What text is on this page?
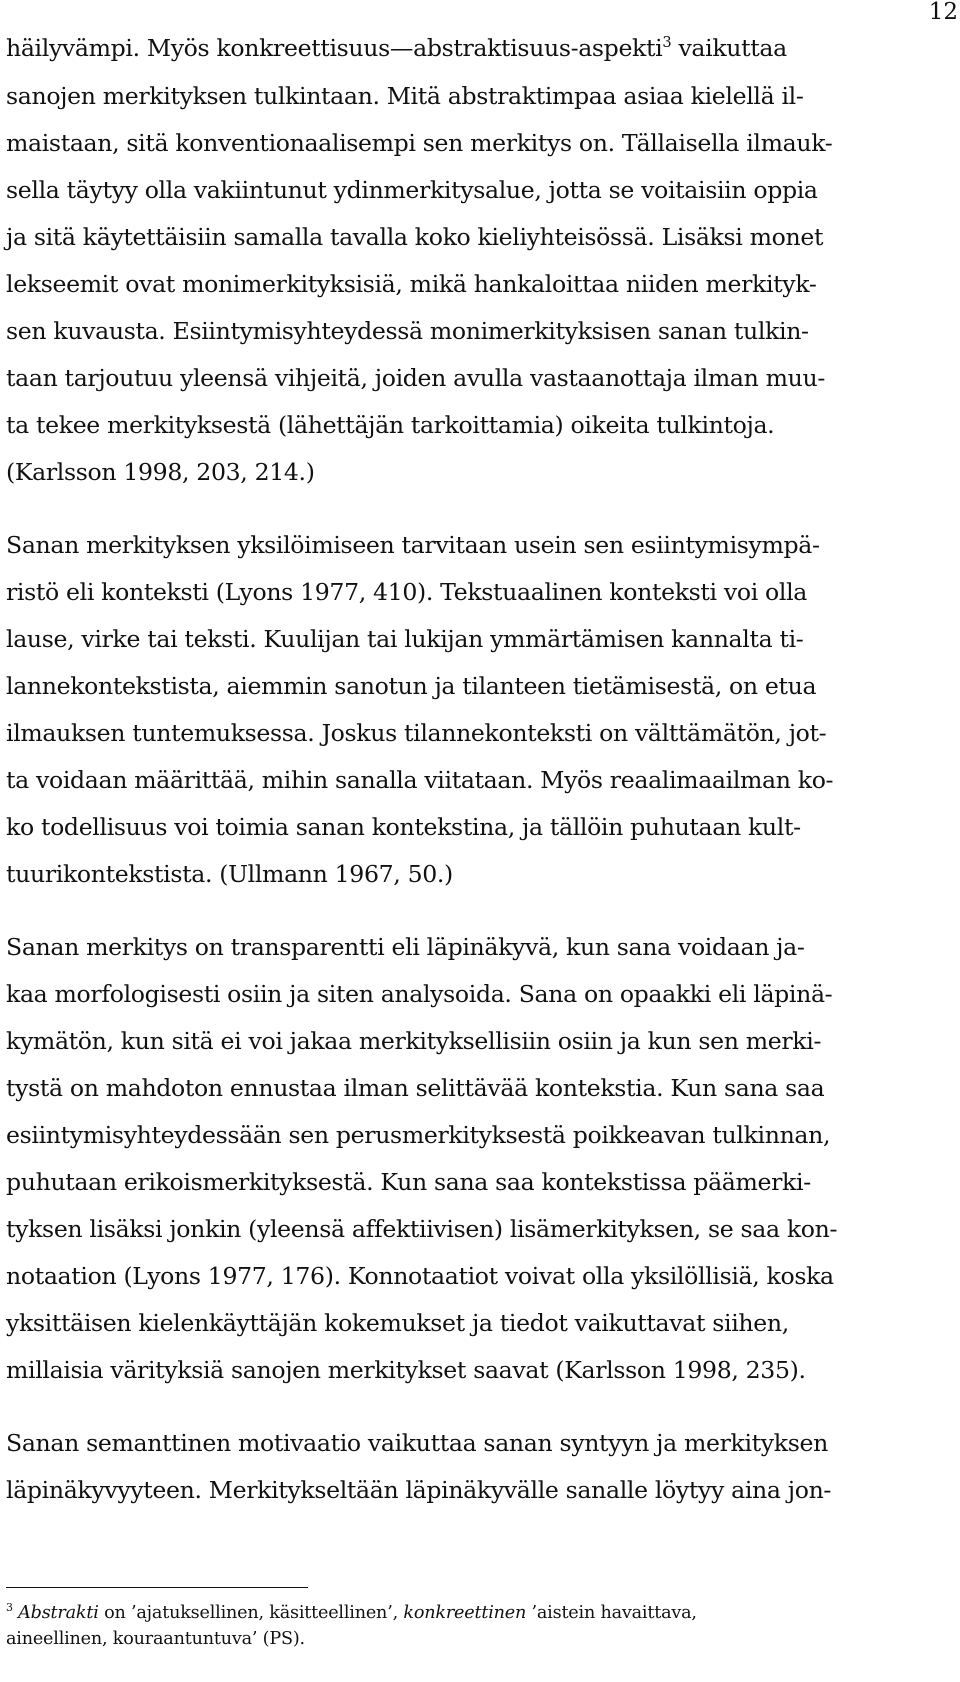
12
häilyvämpi. Myös konkreettisuus—abstraktisuus-aspekti$^3$ vaikuttaa
sanojen merkityksen tulkintaan. Mitä abstraktimpaa asiaa kielellä il-
maistaan, sitä konventionaalisempi sen merkitys on. Tällaisella ilmauk-
sella täytyy olla vakiintunut ydinmerkitysalue, jotta se voitaisiin oppia
ja sitä käytettäisiin samalla tavalla koko kieliyhteisössä. Lisäksi monet
lekseemit ovat monimerkityksisiä, mikä hankaloittaa niiden merkityk-
sen kuvausta. Esiintymisyhteydessä monimerkityksisen sanan tulkin-
taan tarjoutuu yleensä vihjeitä, joiden avulla vastaanottaja ilman muu-
ta tekee merkityksestä (lähettäjän tarkoittamia) oikeita tulkintoja.
(Karlsson 1998, 203, 214.)
Sanan merkityksen yksilöimiseen tarvitaan usein sen esiintymisympä-
ristö eli konteksti (Lyons 1977, 410). Tekstuaalinen konteksti voi olla
lause, virke tai teksti. Kuulijan tai lukijan ymmärtämisen kannalta ti-
lannekontekstista, aiemmin sanotun ja tilanteen tietämisestä, on etua
ilmauksen tuntemuksessa. Joskus tilannekonteksti on välttämätön, jot-
ta voidaan määrittää, mihin sanalla viitataan. Myös reaalimaailman ko-
ko todellisuus voi toimia sanan kontekstina, ja tällöin puhutaan kult-
tuurikontekstista. (Ullmann 1967, 50.)
Sanan merkitys on transparentti eli läpinäkyvä, kun sana voidaan ja-
kaa morfologisesti osiin ja siten analysoida. Sana on opaakki eli läpinä-
kymätön, kun sitä ei voi jakaa merkityksellisiin osiin ja kun sen merki-
tystä on mahdoton ennustaa ilman selittävää kontekstia. Kun sana saa
esiintymisyhteydessään sen perusmerkityksestä poikkeavan tulkinnan,
puhutaan erikoismerkityksestä. Kun sana saa kontekstissa päämerki-
tyksen lisäksi jonkin (yleensä affektiivisen) lisämerkityksen, se saa kon-
notaation (Lyons 1977, 176). Konnotaatiot voivat olla yksilöllisiä, koska
yksittäisen kielenkäyttäjän kokemukset ja tiedot vaikuttavat siihen,
millaisia värityksiä sanojen merkitykset saavat (Karlsson 1998, 235).
Sanan semanttinen motivaatio vaikuttaa sanan syntyyn ja merkityksen
läpinäkyvyyteen. Merkitykseltään läpinäkyvälle sanalle löytyy aina jon-
$^3$ Abstrakti on ’ajatuksellinen, käsitteellinen’, konkreettinen ’aistein havaittava,
aineellinen, kouraantuntuva’ (PS).
